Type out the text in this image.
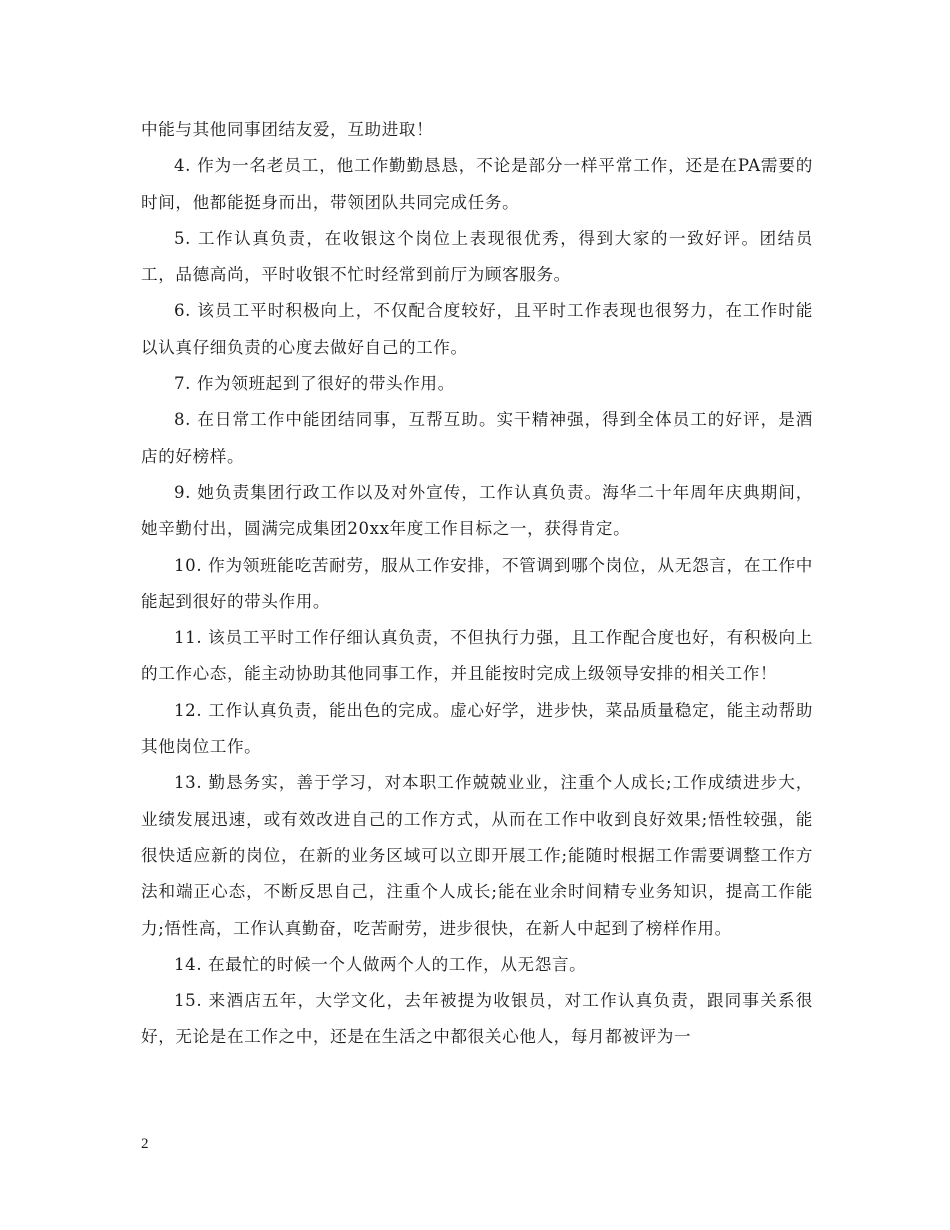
中能与其他同事团结友爱，互助进取！

4. 作为一名老员工，他工作勤勤恳恳，不论是部分一样平常工作，还是在PA需要的时间，他都能挺身而出，带领团队共同完成任务。

5. 工作认真负责，在收银这个岗位上表现很优秀，得到大家的一致好评。团结员工，品德高尚，平时收银不忙时经常到前厅为顾客服务。

6. 该员工平时积极向上，不仅配合度较好，且平时工作表现也很努力，在工作时能以认真仔细负责的心度去做好自己的工作。

7. 作为领班起到了很好的带头作用。

8. 在日常工作中能团结同事，互帮互助。实干精神强，得到全体员工的好评，是酒店的好榜样。

9. 她负责集团行政工作以及对外宣传，工作认真负责。海华二十年周年庆典期间，她辛勤付出，圆满完成集团20xx年度工作目标之一，获得肯定。

10. 作为领班能吃苦耐劳，服从工作安排，不管调到哪个岗位，从无怨言，在工作中能起到很好的带头作用。

11. 该员工平时工作仔细认真负责，不但执行力强，且工作配合度也好，有积极向上的工作心态，能主动协助其他同事工作，并且能按时完成上级领导安排的相关工作！

12. 工作认真负责，能出色的完成。虚心好学，进步快，菜品质量稳定，能主动帮助其他岗位工作。

13. 勤恳务实，善于学习，对本职工作兢兢业业，注重个人成长;工作成绩进步大，业绩发展迅速，或有效改进自己的工作方式，从而在工作中收到良好效果;悟性较强，能很快适应新的岗位，在新的业务区域可以立即开展工作;能随时根据工作需要调整工作方法和端正心态，不断反思自己，注重个人成长;能在业余时间精专业务知识，提高工作能力;悟性高，工作认真勤奋，吃苦耐劳，进步很快，在新人中起到了榜样作用。

14. 在最忙的时候一个人做两个人的工作，从无怨言。

15. 来酒店五年，大学文化，去年被提为收银员，对工作认真负责，跟同事关系很好，无论是在工作之中，还是在生活之中都很关心他人，每月都被评为一

2
